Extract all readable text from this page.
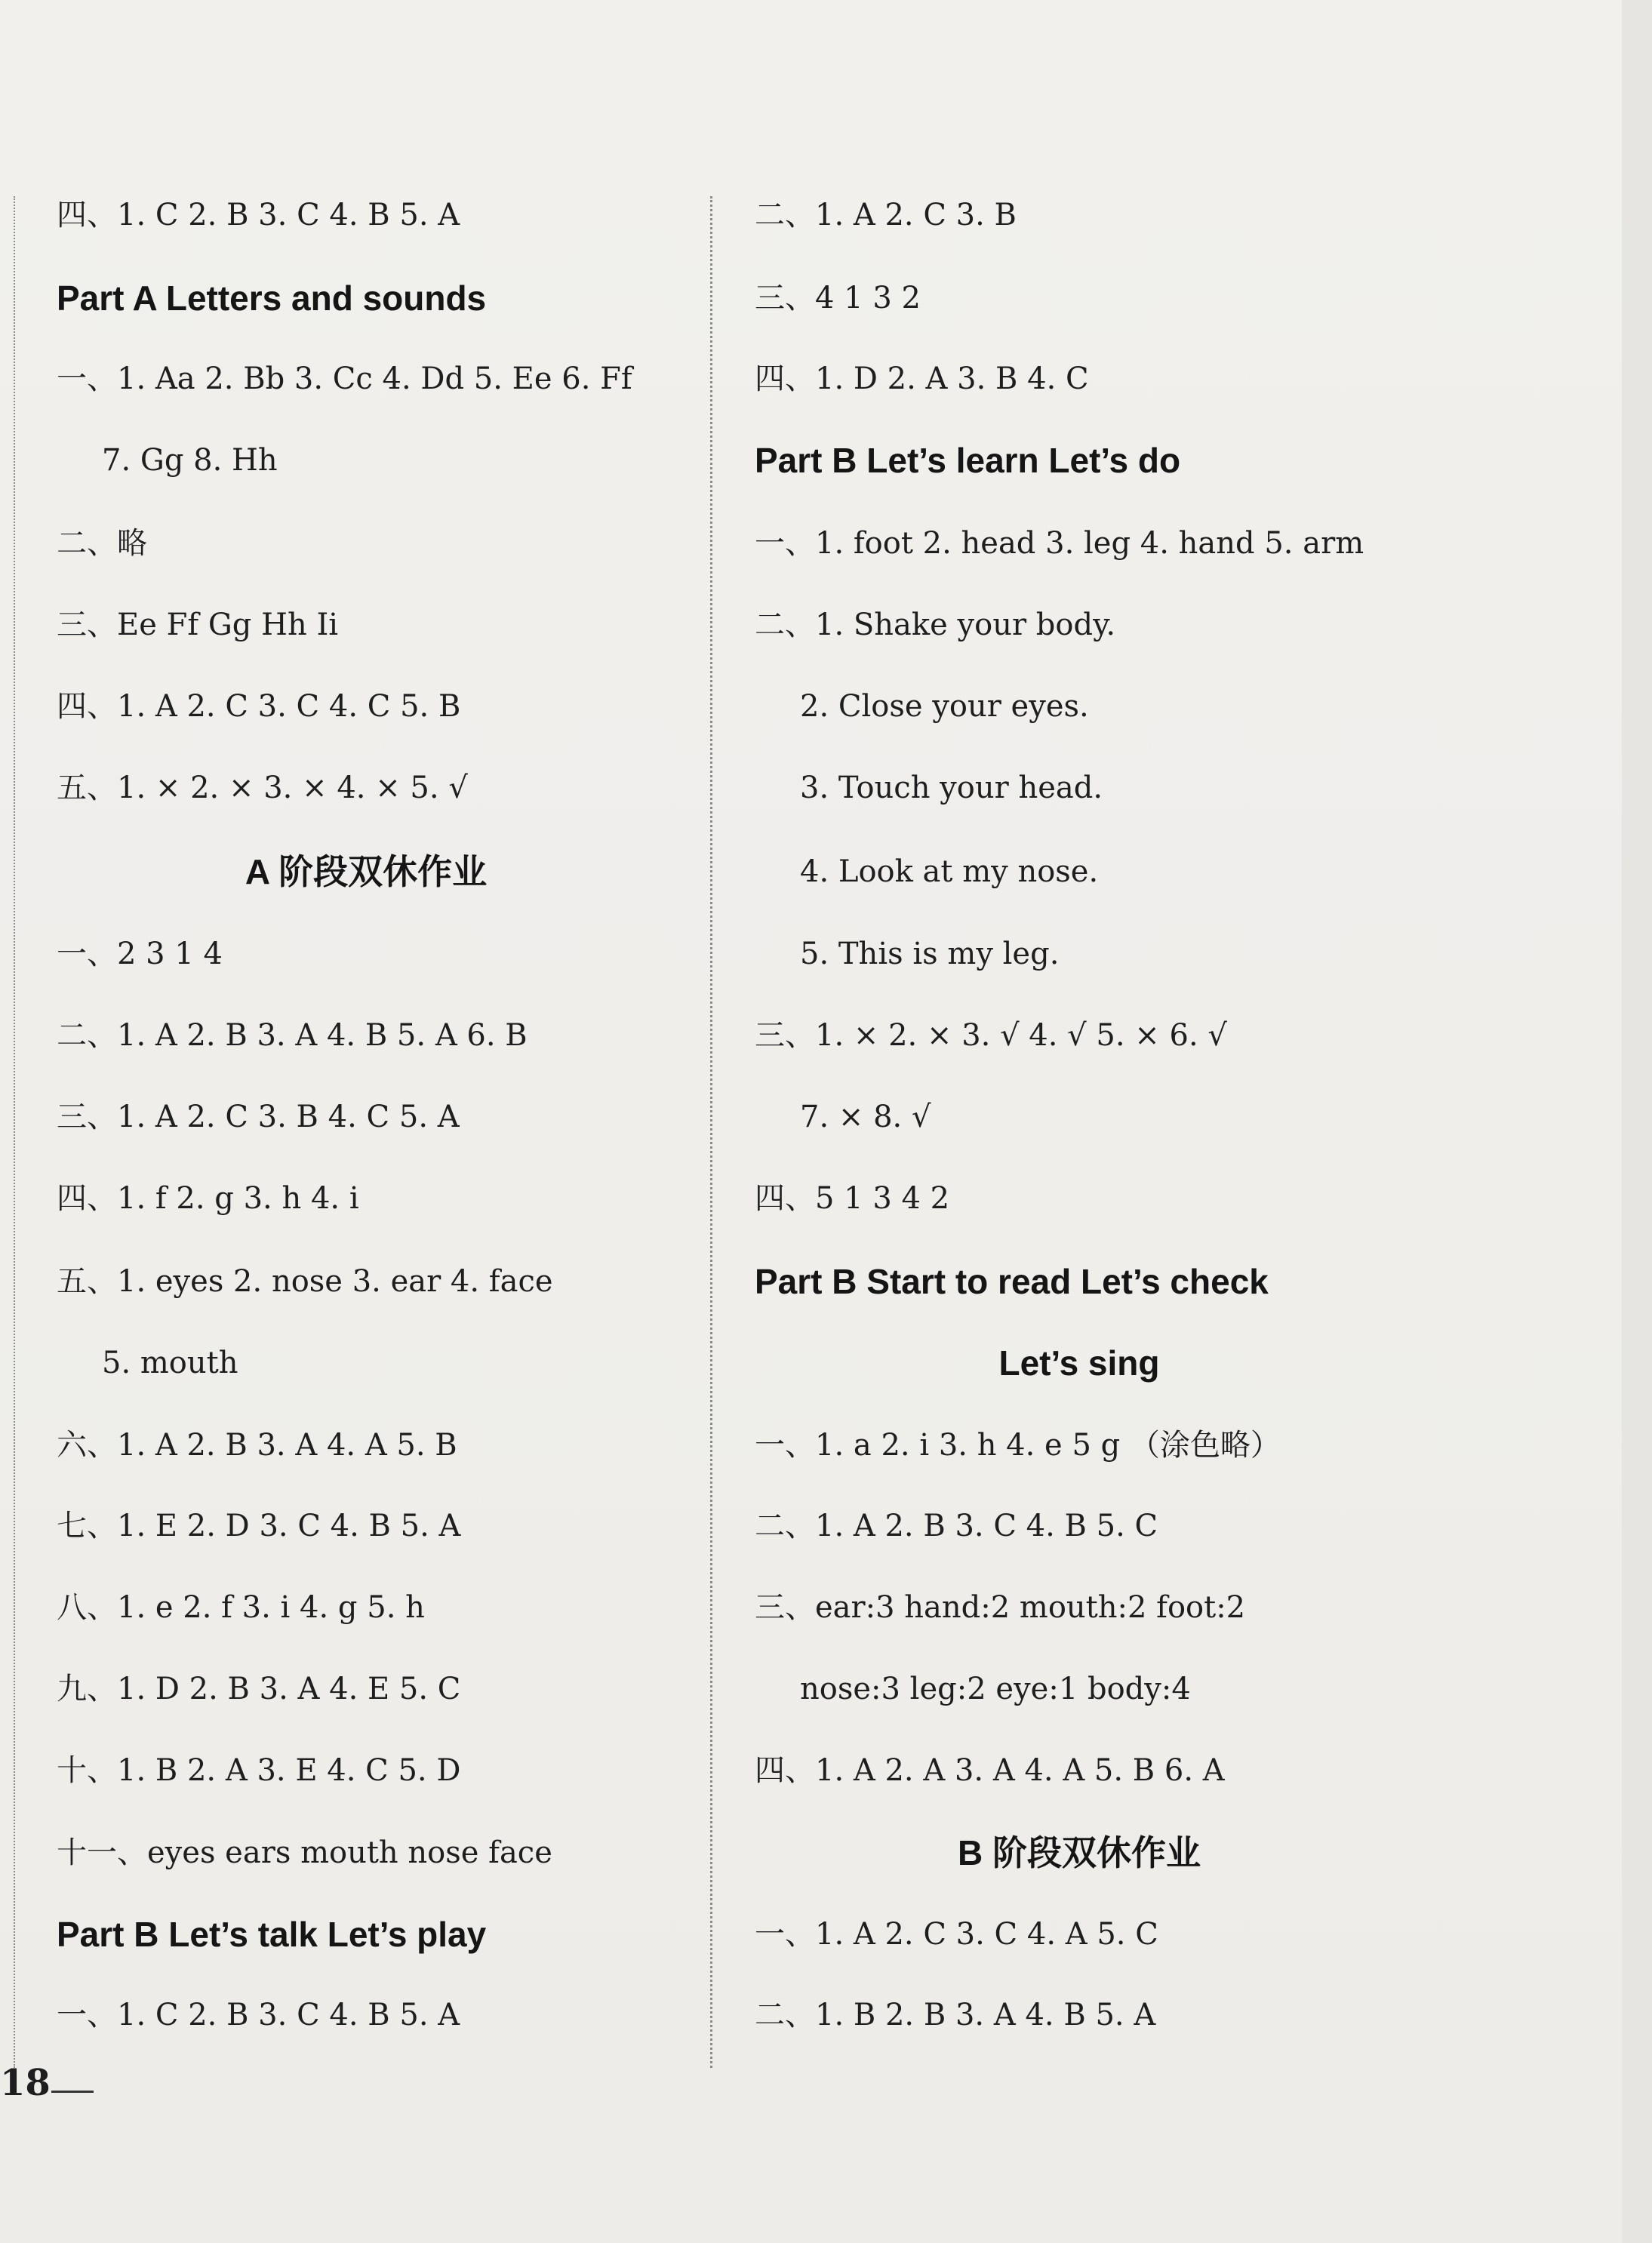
四、1. C 2. B 3. C 4. B 5. A
Part A Letters and sounds
一、1. Aa 2. Bb 3. Cc 4. Dd 5. Ee 6. Ff
7. Gg 8. Hh
二、略
三、Ee Ff Gg Hh Ii
四、1. A 2. C 3. C 4. C 5. B
五、1. × 2. × 3. × 4. × 5. √
A 阶段双休作业
一、2 3 1 4
二、1. A 2. B 3. A 4. B 5. A 6. B
三、1. A 2. C 3. B 4. C 5. A
四、1. f 2. g 3. h 4. i
五、1. eyes 2. nose 3. ear 4. face
5. mouth
六、1. A 2. B 3. A 4. A 5. B
七、1. E 2. D 3. C 4. B 5. A
八、1. e 2. f 3. i 4. g 5. h
九、1. D 2. B 3. A 4. E 5. C
十、1. B 2. A 3. E 4. C 5. D
十一、eyes ears mouth nose face
Part B Let’s talk Let’s play
一、1. C 2. B 3. C 4. B 5. A
二、1. A 2. C 3. B
三、4 1 3 2
四、1. D 2. A 3. B 4. C
Part B Let’s learn Let’s do
一、1. foot 2. head 3. leg 4. hand 5. arm
二、1. Shake your body.
2. Close your eyes.
3. Touch your head.
4. Look at my nose.
5. This is my leg.
三、1. × 2. × 3. √ 4. √ 5. × 6. √
7. × 8. √
四、5 1 3 4 2
Part B Start to read Let’s check
Let’s sing
一、1. a 2. i 3. h 4. e 5 g （涂色略）
二、1. A 2. B 3. C 4. B 5. C
三、ear:3 hand:2 mouth:2 foot:2
nose:3 leg:2 eye:1 body:4
四、1. A 2. A 3. A 4. A 5. B 6. A
B 阶段双休作业
一、1. A 2. C 3. C 4. A 5. C
二、1. B 2. B 3. A 4. B 5. A
18
